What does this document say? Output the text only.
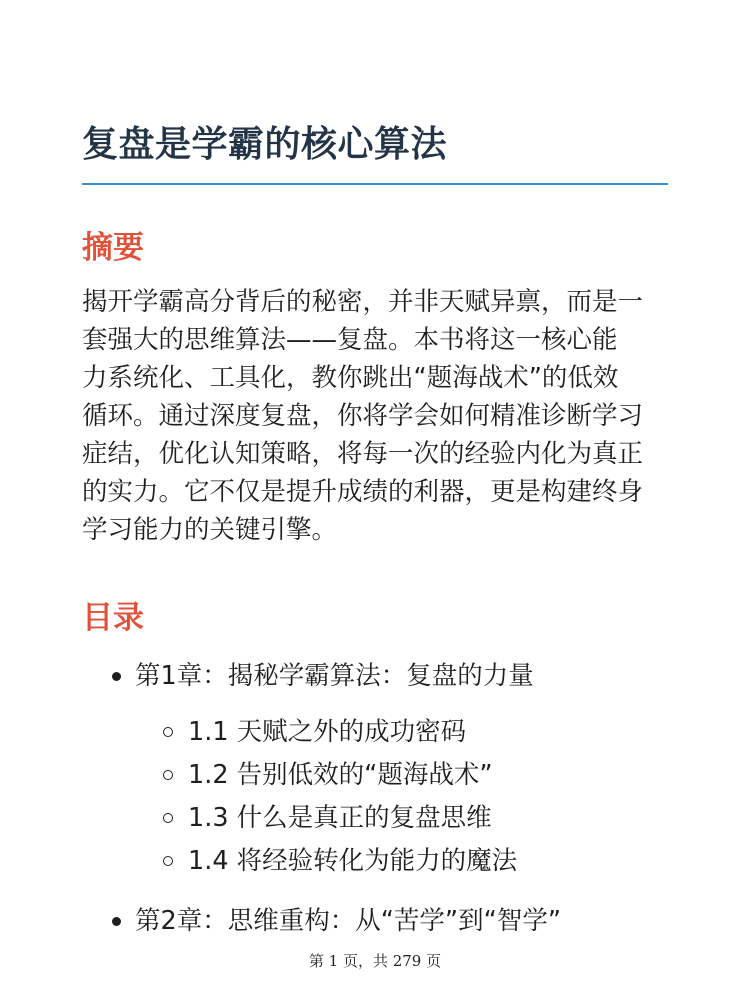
复盘是学霸的核心算法
摘要
揭开学霸高分背后的秘密，并非天赋异禀，而是一
套强大的思维算法——复盘。本书将这一核心能
力系统化、工具化，教你跳出“题海战术”的低效
循环。通过深度复盘，你将学会如何精准诊断学习
症结，优化认知策略，将每一次的经验内化为真正
的实力。它不仅是提升成绩的利器，更是构建终身
学习能力的关键引擎。
目录
第1章：揭秘学霸算法：复盘的力量
1.1 天赋之外的成功密码
1.2 告别低效的“题海战术”
1.3 什么是真正的复盘思维
1.4 将经验转化为能力的魔法
第2章：思维重构：从“苦学”到“智学”
第 1 页，共 279 页
